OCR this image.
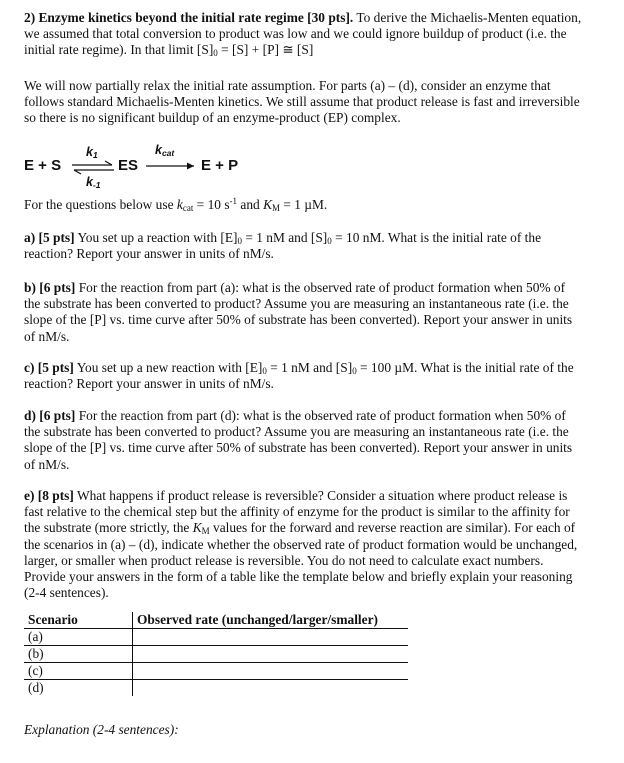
2) Enzyme kinetics beyond the initial rate regime [30 pts]. To derive the Michaelis-Menten equation, we assumed that total conversion to product was low and we could ignore buildup of product (i.e. the initial rate regime). In that limit $[S]_0 = [S] + [P]$ ≅ [S]

We will now partially relax the initial rate assumption. For parts (a) – (d), consider an enzyme that follows standard Michaelis-Menten kinetics. We still assume that product release is fast and irreversible so there is no significant buildup of an enzyme-product (EP) complex.

E + S
$k_1$
$k_{-1}$
⇌ ES
$k_{cat}$
E + P

For the questions below use $k_{cat} = 10$ $s^{-1}$ and $K_M = 1$ µM.

a) [5 pts] You set up a reaction with $[E]_0 = 1$ nM and $[S]_0 = 10$ nM. What is the initial rate of the reaction? Report your answer in units of nM/s.

b) [6 pts] For the reaction from part (a): what is the observed rate of product formation when 50% of the substrate has been converted to product? Assume you are measuring an instantaneous rate (i.e. the slope of the [P] vs. time curve after 50% of substrate has been converted). Report your answer in units of nM/s.

c) [5 pts] You set up a new reaction with $[E]_0 = 1$ nM and $[S]_0 = 100$ µM. What is the initial rate of the reaction? Report your answer in units of nM/s.

d) [6 pts] For the reaction from part (d): what is the observed rate of product formation when 50% of the substrate has been converted to product? Assume you are measuring an instantaneous rate (i.e. the slope of the [P] vs. time curve after 50% of substrate has been converted). Report your answer in units of nM/s.

e) [8 pts] What happens if product release is reversible? Consider a situation where product release is fast relative to the chemical step but the affinity of enzyme for the product is similar to the affinity for the substrate (more strictly, the $K_M$ values for the forward and reverse reaction are similar). For each of the scenarios in (a) – (d), indicate whether the observed rate of product formation would be unchanged, larger, or smaller when product release is reversible. You do not need to calculate exact numbers. Provide your answers in the form of a table like the template below and briefly explain your reasoning (2-4 sentences).

Scenario	Observed rate (unchanged/larger/smaller)
(a)	
(b)	
(c)	
(d)	

Explanation (2-4 sentences):
